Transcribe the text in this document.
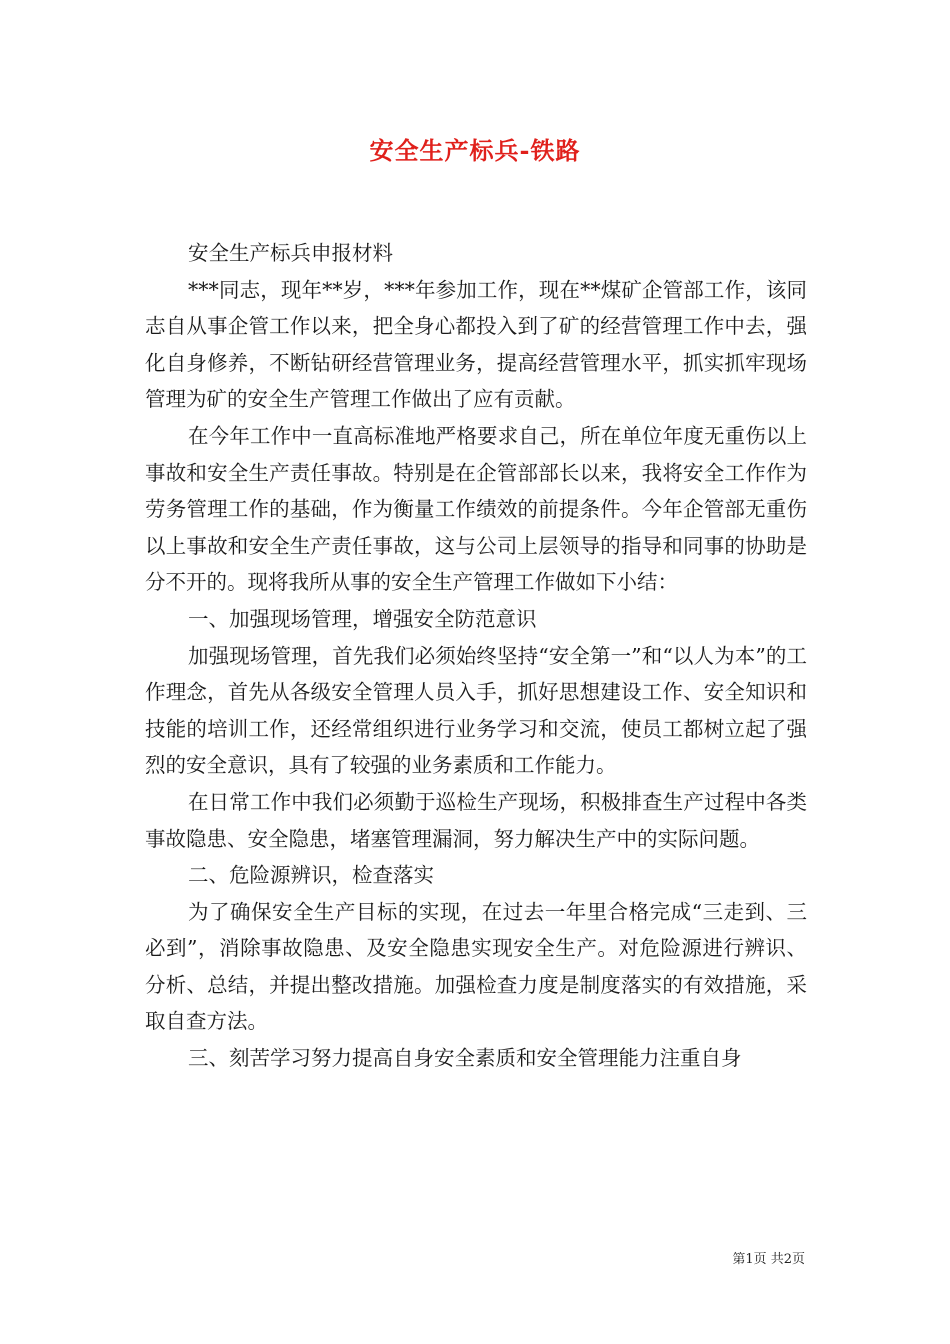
安全生产标兵-铁路

安全生产标兵申报材料

***同志，现年**岁，***年参加工作，现在**煤矿企管部工作，该同志自从事企管工作以来，把全身心都投入到了矿的经营管理工作中去，强化自身修养，不断钻研经营管理业务，提高经营管理水平，抓实抓牢现场管理为矿的安全生产管理工作做出了应有贡献。

在今年工作中一直高标准地严格要求自己，所在单位年度无重伤以上事故和安全生产责任事故。特别是在企管部部长以来，我将安全工作作为劳务管理工作的基础，作为衡量工作绩效的前提条件。今年企管部无重伤以上事故和安全生产责任事故，这与公司上层领导的指导和同事的协助是分不开的。现将我所从事的安全生产管理工作做如下小结：

一、加强现场管理，增强安全防范意识

加强现场管理，首先我们必须始终坚持“安全第一”和“以人为本”的工作理念，首先从各级安全管理人员入手，抓好思想建设工作、安全知识和技能的培训工作，还经常组织进行业务学习和交流，使员工都树立起了强烈的安全意识，具有了较强的业务素质和工作能力。

在日常工作中我们必须勤于巡检生产现场，积极排查生产过程中各类事故隐患、安全隐患，堵塞管理漏洞，努力解决生产中的实际问题。

二、危险源辨识，检查落实

为了确保安全生产目标的实现，在过去一年里合格完成“三走到、三必到”，消除事故隐患、及安全隐患实现安全生产。对危险源进行辨识、分析、总结，并提出整改措施。加强检查力度是制度落实的有效措施，采取自查方法。

三、刻苦学习努力提高自身安全素质和安全管理能力注重自身

第1页 共2页
